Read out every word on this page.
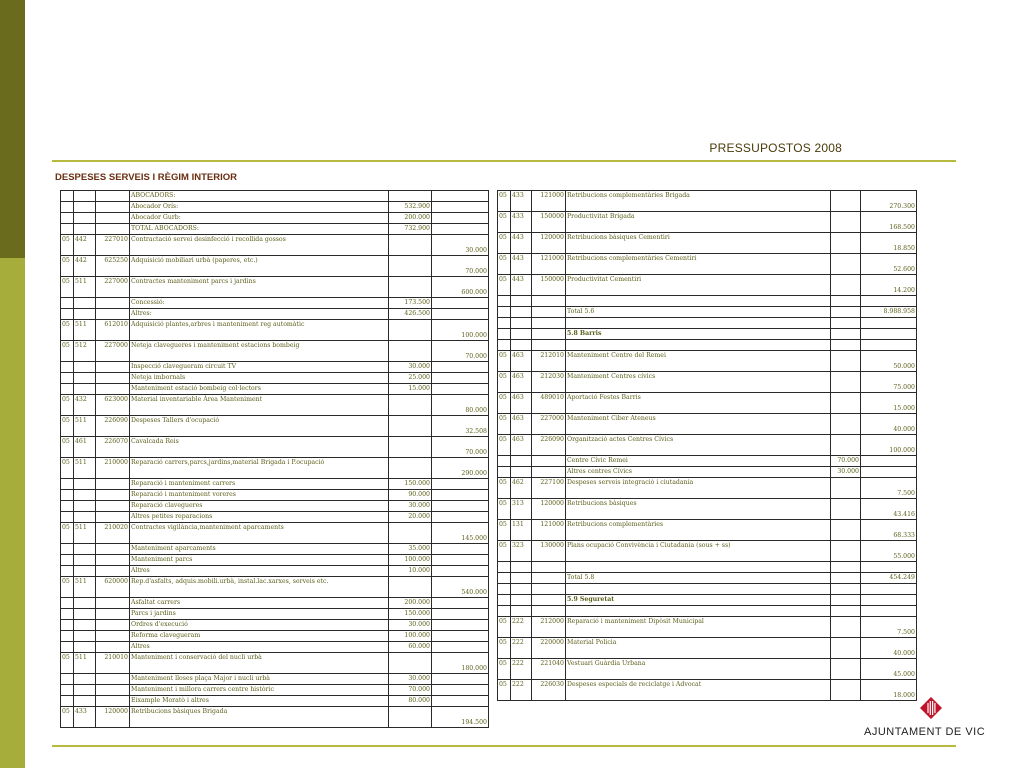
PRESSUPOSTOS 2008
DESPESES SERVEIS I RÈGIM INTERIOR
			ABOCADORS:		
			Abocador Orís:	532.900	
			Abocador Gurb:	200.000	
			TOTAL ABOCADORS:	732.900	
05	442	227010	Contractació servei desinfecció i recollida gossos		30.000
05	442	625250	Adquisició mobiliari urbà (paperes, etc.)		70.000
05	511	227000	Contractes manteniment parcs i jardins		600.000
			Concessió:	173.500	
			Altres:	426.500	
05	511	612010	Adquisició plantes,arbres i manteniment reg automàtic		100.000
05	512	227000	Neteja clavegueres i manteniment estacions bombeig		70.000
			Inspecció clavegueram circuit TV	30.000	
			Neteja imbornals	25.000	
			Manteniment estació bombeig col·lectors	15.000	
05	432	623000	Material inventariable Àrea Manteniment		80.000
05	511	226090	Despeses Tallers d'ocupació		32.508
05	461	226070	Cavalcada Reis		70.000
05	511	210000	Reparació carrers,parcs,jardins,material Brigada i P.ocupació		290.000
			Reparació i manteniment carrers	150.000	
			Reparació i manteniment voreres	90.000	
			Reparació clavegueres	30.000	
			Altres petites reparacions	20.000	
05	511	210020	Contractes vigilància,manteniment aparcaments		145.000
			Manteniment aparcaments	35.000	
			Manteniment parcs	100.000	
			Altres	10.000	
05	511	620000	Rep.d'asfalts, adquis.mobili.urbà, instal.lac.xarxes, serveis etc.		540.000
			Asfaltat carrers	200.000	
			Parcs i jardins	150.000	
			Ordres d'execució	30.000	
			Reforma clavegueram	100.000	
			Altres	60.000	
05	511	210010	Manteniment i conservació del nucli urbà		180.000
			Manteniment lloses plaça Major i nucli urbà	30.000	
			Manteniment i millora carrers centre històric	70.000	
			Eixample Moratò i altres	80.000	
05	433	120000	Retribucions bàsiques Brigada		194.500
05	433	121000	Retribucions complementàries Brigada		270.300
05	433	150000	Productivitat Brigada		168.500
05	443	120000	Retribucions bàsiques Cementiri		18.850
05	443	121000	Retribucions complementàries Cementiri		52.600
05	443	150000	Productivitat Cementiri		14.200

			Total 5.6		8.988.958

			5.8 Barris		

05	463	212010	Manteniment Centre del Remei		50.000
05	463	212030	Manteniment Centres cívics		75.000
05	463	489010	Aportació Festes Barris		15.000
05	463	227000	Manteniment Ciber Ateneus		40.000
05	463	226090	Organització actes Centres Cívics		100.000
			Centre Cívic Remei	70.000	
			Altres centres Cívics	30.000	
05	462	227100	Despeses serveis integració i ciutadania		7.500
05	313	120000	Retribucions bàsiques		43.416
05	131	121000	Retribucions complementàries		68.333
05	323	130000	Plans ocupació Convivència i Ciutadania (sous + ss)		55.000

			Total 5.8		454.249

			5.9 Seguretat		

05	222	212000	Reparació i manteniment Dipòsit Municipal		7.500
05	222	220000	Material Policia		40.000
05	222	221040	Vestuari Guàrdia Urbana		45.000
05	222	226030	Despeses especials de reciclatge i Advocat		18.000
AJUNTAMENT DE VIC
